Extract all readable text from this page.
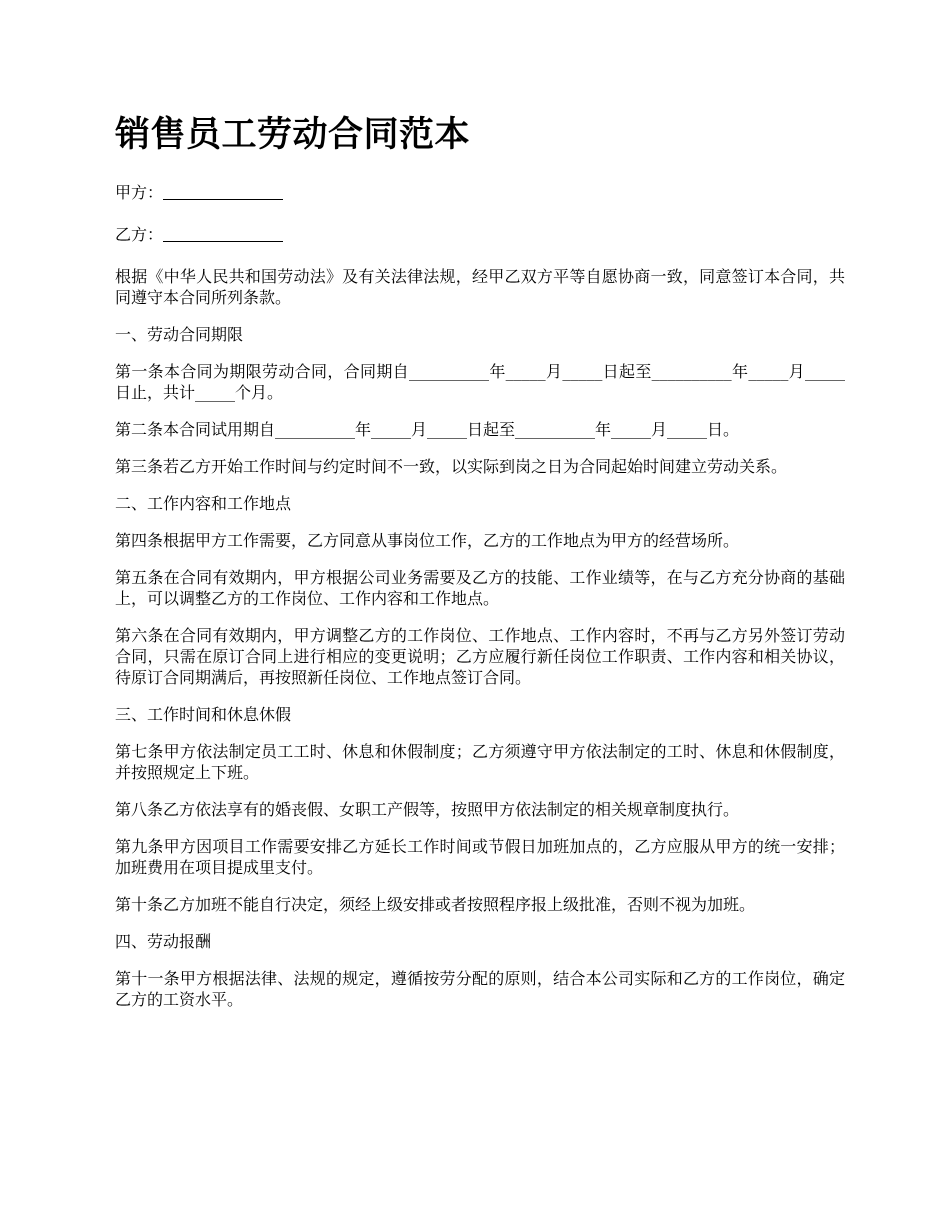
销售员工劳动合同范本
甲方：
乙方：

根据《中华人民共和国劳动法》及有关法律法规，经甲乙双方平等自愿协商一致，同意签订本合同，共同遵守本合同所列条款。

一、劳动合同期限

第一条本合同为期限劳动合同，合同期自__________年_____月_____日起至__________年_____月_____日止，共计_____个月。

第二条本合同试用期自__________年_____月_____日起至__________年_____月_____日。

第三条若乙方开始工作时间与约定时间不一致，以实际到岗之日为合同起始时间建立劳动关系。

二、工作内容和工作地点

第四条根据甲方工作需要，乙方同意从事岗位工作，乙方的工作地点为甲方的经营场所。

第五条在合同有效期内，甲方根据公司业务需要及乙方的技能、工作业绩等，在与乙方充分协商的基础上，可以调整乙方的工作岗位、工作内容和工作地点。

第六条在合同有效期内，甲方调整乙方的工作岗位、工作地点、工作内容时，不再与乙方另外签订劳动合同，只需在原订合同上进行相应的变更说明；乙方应履行新任岗位工作职责、工作内容和相关协议，待原订合同期满后，再按照新任岗位、工作地点签订合同。

三、工作时间和休息休假

第七条甲方依法制定员工工时、休息和休假制度；乙方须遵守甲方依法制定的工时、休息和休假制度，并按照规定上下班。

第八条乙方依法享有的婚丧假、女职工产假等，按照甲方依法制定的相关规章制度执行。

第九条甲方因项目工作需要安排乙方延长工作时间或节假日加班加点的，乙方应服从甲方的统一安排；加班费用在项目提成里支付。

第十条乙方加班不能自行决定，须经上级安排或者按照程序报上级批准，否则不视为加班。

四、劳动报酬

第十一条甲方根据法律、法规的规定，遵循按劳分配的原则，结合本公司实际和乙方的工作岗位，确定乙方的工资水平。
